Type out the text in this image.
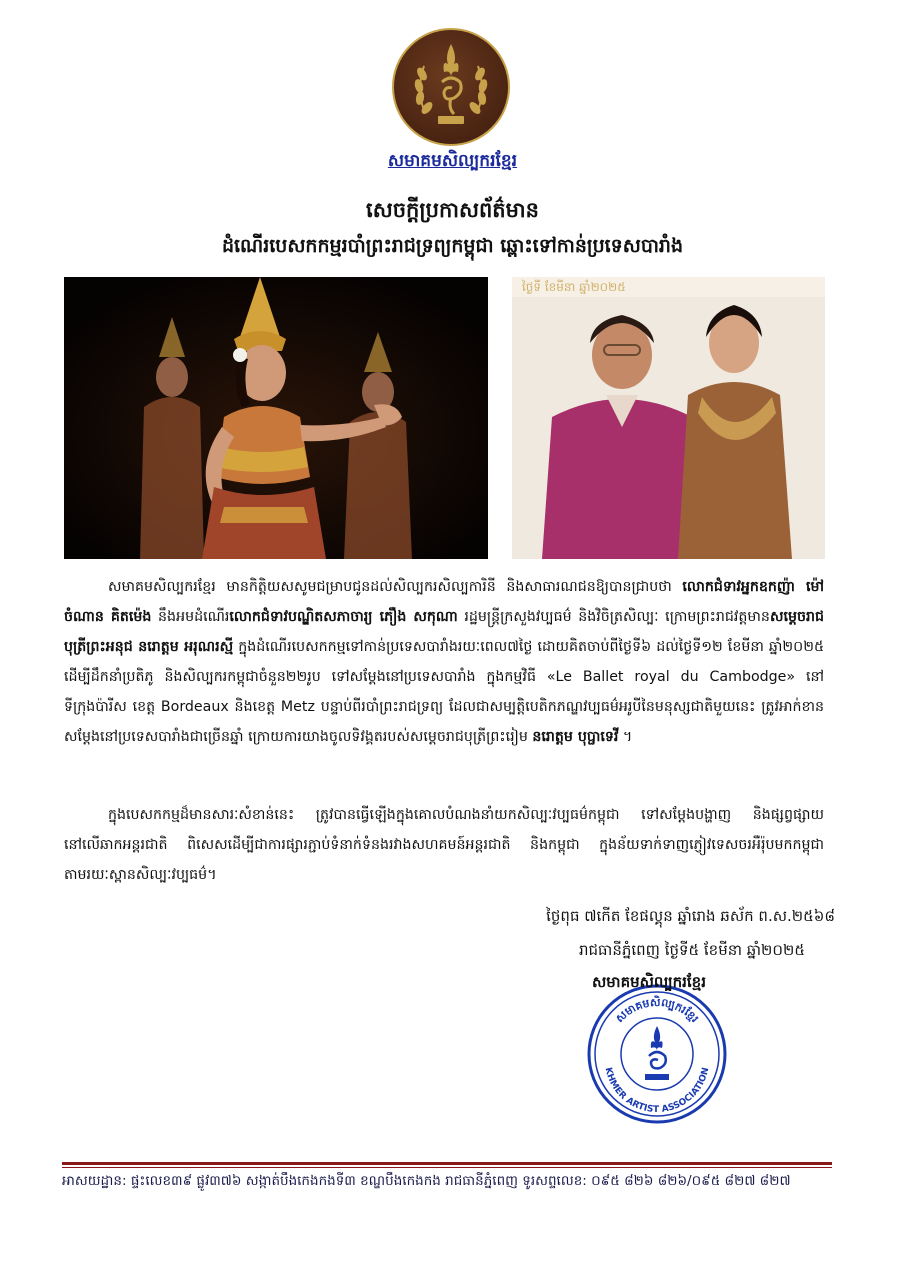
សមាគមសិល្បករខ្មែរ
សេចក្តីប្រកាសព័ត៌មាន
ដំណើរបេសកកម្មរបាំព្រះរាជទ្រព្យកម្ពុជា ឆ្ពោះទៅកាន់ប្រទេសបារាំង
ថ្ងៃទី ខែមីនា ឆ្នាំ២០២៥
សមាគមសិល្បករខ្មែរ មានកិត្តិយសសូមជម្រាបជូនដល់សិល្បករសិល្បការិនី និងសាធារណជនឱ្យបានជ្រាបថា លោកជំទាវអ្នកឧកញ៉ា ម៉ៅ ចំណាន គិតម៉េង នឹងអមដំណើរលោកជំទាវបណ្ឌិតសភាចារ្យ ភឿង សកុណា រដ្ឋមន្ត្រីក្រសួងវប្បធម៌ និងវិចិត្រសិល្បៈ ក្រោមព្រះរាជវត្តមានសម្តេចរាជបុត្រីព្រះអនុជ នរោត្តម អរុណរស្មី ក្នុងដំណើរបេសកកម្មទៅកាន់ប្រទេសបារាំងរយៈពេល៧ថ្ងៃ ដោយគិតចាប់ពីថ្ងៃទី៦ ដល់ថ្ងៃទី១២ ខែមីនា ឆ្នាំ២០២៥ ដើម្បីដឹកនាំប្រតិភូ និងសិល្បករកម្ពុជាចំនួន២២រូប ទៅសម្តែងនៅប្រទេសបារាំង ក្នុងកម្មវិធី «Le Ballet royal du Cambodge» នៅទីក្រុងប៉ារីស ខេត្ត Bordeaux និងខេត្ត Metz បន្ទាប់ពីរបាំព្រះរាជទ្រព្យ ដែលជាសម្បត្តិបេតិកភណ្ឌវប្បធម៌អរូបីនៃមនុស្សជាតិមួយនេះ ត្រូវអាក់ខានសម្តែងនៅប្រទេសបារាំងជាច្រើនឆ្នាំ ក្រោយការយាងចូលទិវង្គតរបស់សម្តេចរាជបុត្រីព្រះរៀម នរោត្តម បុប្ផាទេវី ។
ក្នុងបេសកកម្មដ៏មានសារៈសំខាន់នេះ ត្រូវបានធ្វើឡើងក្នុងគោលបំណងនាំយកសិល្បៈវប្បធម៌កម្ពុជា ទៅសម្តែងបង្ហាញ និងផ្សព្វផ្សាយនៅលើឆាកអន្តរជាតិ ពិសេសដើម្បីជាការផ្សារភ្ជាប់ទំនាក់ទំនងរវាងសហគមន៍អន្តរជាតិ និងកម្ពុជា ក្នុងន័យទាក់ទាញភ្ញៀវទេសចរអឺរ៉ុបមកកម្ពុជា តាមរយៈស្ពានសិល្បៈវប្បធម៌។
ថ្ងៃពុធ ៧កើត ខែផល្គុន ឆ្នាំរោង ឆស័ក ព.ស.២៥៦៨
រាជធានីភ្នំពេញ ថ្ងៃទី៥ ខែមីនា ឆ្នាំ២០២៥
សមាគមសិល្បករខ្មែរ
KHMER ARTIST ASSOCIATION
សមាគមសិល្បករខ្មែរ
អាសយដ្ឋាន: ផ្ទះលេខ៣៩ ផ្លូវ៣៧៦ សង្កាត់បឹងកេងកងទី៣ ខណ្ឌបឹងកេងកង រាជធានីភ្នំពេញ ទូរសព្ទលេខ: ០៩៥ ៨២៦ ៨២៦/០៩៥ ៨២៧ ៨២៧
